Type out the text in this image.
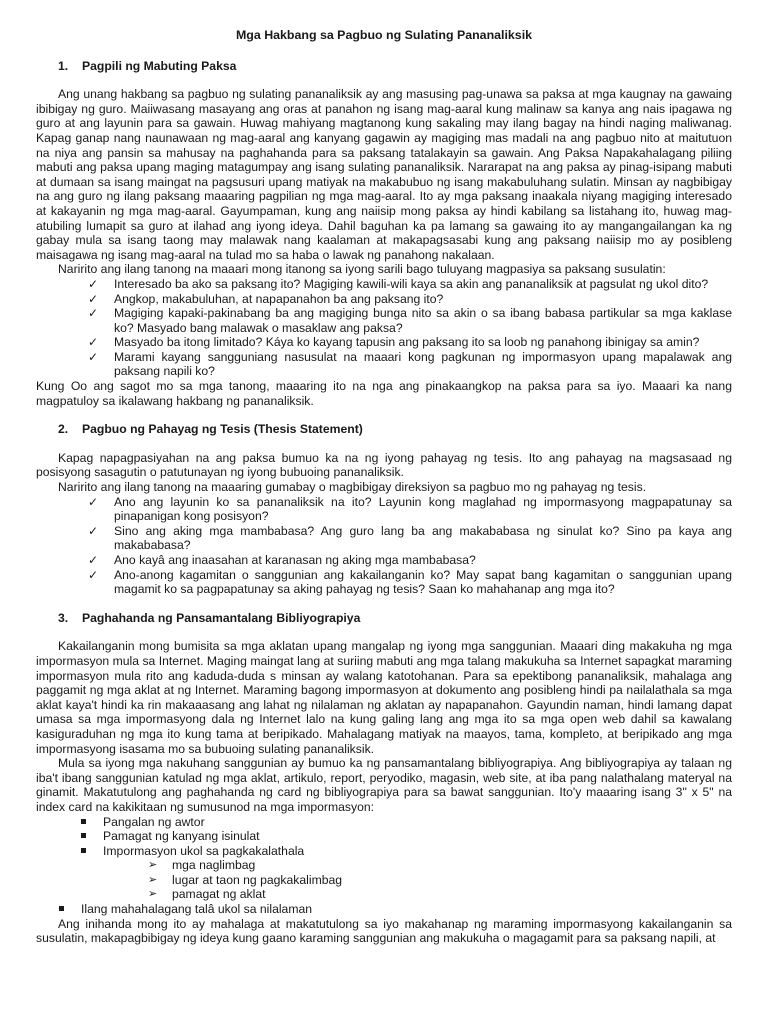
Mga Hakbang sa Pagbuo ng Sulating Pananaliksik
1. Pagpili ng Mabuting Paksa

Ang unang hakbang sa pagbuo ng sulating pananaliksik ay ang masusing pag-unawa sa paksa at mga kaugnay na gawaing ibibigay ng guro. Maiiwasang masayang ang oras at panahon ng isang mag-aaral kung malinaw sa kanya ang nais ipagawa ng guro at ang layunin para sa gawain. Huwag mahiyang magtanong kung sakaling may ilang bagay na hindi naging maliwanag. Kapag ganap nang naunawaan ng mag-aaral ang kanyang gagawin ay magiging mas madali na ang pagbuo nito at maitutuon na niya ang pansin sa mahusay na paghahanda para sa paksang tatalakayin sa gawain. Ang Paksa Napakahalagang piliing mabuti ang paksa upang maging matagumpay ang isang sulating pananaliksik. Nararapat na ang paksa ay pinag-isipang mabuti at dumaan sa isang maingat na pagsusuri upang matiyak na makabubuo ng isang makabuluhang sulatin. Minsan ay nagbibigay na ang guro ng ilang paksang maaaring pagpilian ng mga mag-aaral. Ito ay mga paksang inaakala niyang magiging interesado at kakayanin ng mga mag-aaral. Gayumpaman, kung ang naiisip mong paksa ay hindi kabilang sa listahang ito, huwag mag-atubiling lumapit sa guro at ilahad ang iyong ideya. Dahil baguhan ka pa lamang sa gawaing ito ay mangangailangan ka ng gabay mula sa isang taong may malawak nang kaalaman at makapagsasabi kung ang paksang naiisip mo ay posibleng maisagawa ng isang mag-aaral na tulad mo sa haba o lawak ng panahong nakalaan.

Naririto ang ilang tanong na maaari mong itanong sa iyong sarili bago tuluyang magpasiya sa paksang susulatin:

✓ Interesado ba ako sa paksang ito? Magiging kawili-wili kaya sa akin ang pananaliksik at pagsulat ng ukol dito?
✓ Angkop, makabuluhan, at napapanahon ba ang paksang ito?
✓ Magiging kapaki-pakinabang ba ang magiging bunga nito sa akin o sa ibang babasa partikular sa mga kaklase ko? Masyado bang malawak o masaklaw ang paksa?
✓ Masyado ba itong limitado? Káya ko kayang tapusin ang paksang ito sa loob ng panahong ibinigay sa amin?
✓ Marami kayang sangguniang nasusulat na maaari kong pagkunan ng impormasyon upang mapalawak ang paksang napili ko?

Kung Oo ang sagot mo sa mga tanong, maaaring ito na nga ang pinakaangkop na paksa para sa iyo. Maaari ka nang magpatuloy sa ikalawang hakbang ng pananaliksik.

2. Pagbuo ng Pahayag ng Tesis (Thesis Statement)

Kapag napagpasiyahan na ang paksa bumuo ka na ng iyong pahayag ng tesis. Ito ang pahayag na magsasaad ng posisyong sasagutin o patutunayan ng iyong bubuoing pananaliksik.

Naririto ang ilang tanong na maaaring gumabay o magbibigay direksiyon sa pagbuo mo ng pahayag ng tesis.

✓ Ano ang layunin ko sa pananaliksik na ito? Layunin kong maglahad ng impormasyong magpapatunay sa pinapanigan kong posisyon?
✓ Sino ang aking mga mambabasa? Ang guro lang ba ang makababasa ng sinulat ko? Sino pa kaya ang makababasa?
✓ Ano kayâ ang inaasahan at karanasan ng aking mga mambabasa?
✓ Ano-anong kagamitan o sanggunian ang kakailanganin ko? May sapat bang kagamitan o sanggunian upang magamit ko sa pagpapatunay sa aking pahayag ng tesis? Saan ko mahahanap ang mga ito?
3. Paghahanda ng Pansamantalang Bibliyograpiya

Kakailanganin mong bumisita sa mga aklatan upang mangalap ng iyong mga sanggunian. Maaari ding makakuha ng mga impormasyon mula sa Internet. Maging maingat lang at suriing mabuti ang mga talang makukuha sa Internet sapagkat maraming impormasyon mula rito ang kaduda-duda s minsan ay walang katotohanan. Para sa epektibong pananaliksik, mahalaga ang paggamit ng mga aklat at ng Internet. Maraming bagong impormasyon at dokumento ang posibleng hindi pa nailalathala sa mga aklat kaya't hindi ka rin makaaasang ang lahat ng nilalaman ng aklatan ay napapanahon. Gayundin naman, hindi lamang dapat umasa sa mga impormasyong dala ng Internet lalo na kung galing lang ang mga ito sa mga open web dahil sa kawalang kasiguraduhan ng mga ito kung tama at beripikado. Mahalagang matiyak na maayos, tama, kompleto, at beripikado ang mga impormasyong isasama mo sa bubuoing sulating pananaliksik.

Mula sa iyong mga nakuhang sanggunian ay bumuo ka ng pansamantalang bibliyograpiya. Ang bibliyograpiya ay talaan ng iba't ibang sanggunian katulad ng mga aklat, artikulo, report, peryodiko, magasin, web site, at iba pang nalathalang materyal na ginamit. Makatutulong ang paghahanda ng card ng bibliyograpiya para sa bawat sanggunian. Ito'y maaaring isang 3" x 5" na index card na kakikitaan ng sumusunod na mga impormasyon:

Pangalan ng awtor
Pamagat ng kanyang isinulat
Impormasyon ukol sa pagkakalathala
➢ mga naglimbag
➢ lugar at taon ng pagkakalimbag
➢ pamagat ng aklat
Ilang mahahalagang talâ ukol sa nilalaman

Ang inihanda mong ito ay mahalaga at makatutulong sa iyo makahanap ng maraming impormasyong kakailanganin sa susulatin, makapagbibigay ng ideya kung gaano karaming sanggunian ang makukuha o magagamit para sa paksang napili, at
